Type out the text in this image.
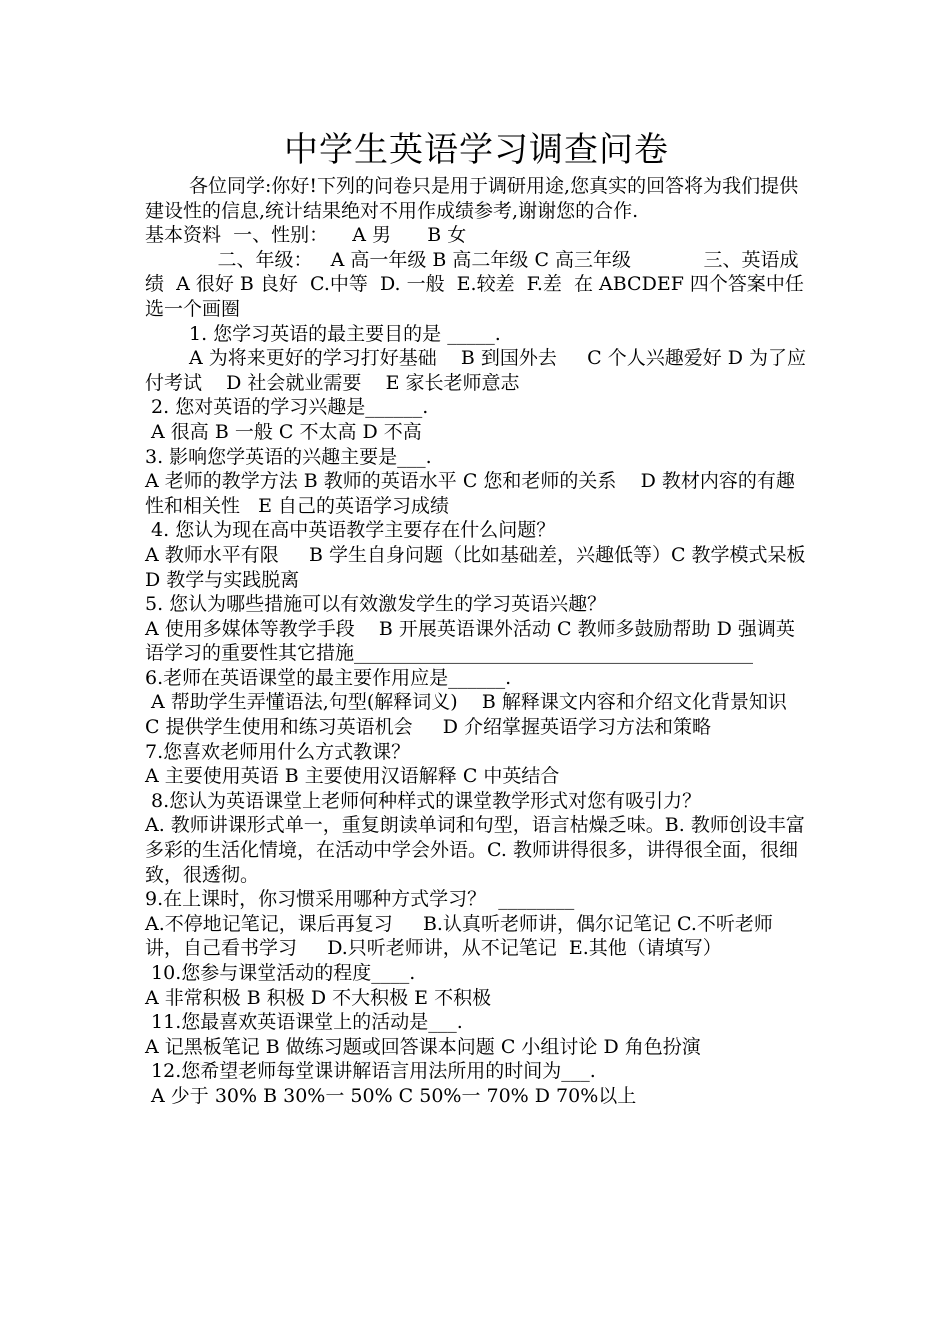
中学生英语学习调查问卷
各位同学:你好!下列的问卷只是用于调研用途,您真实的回答将为我们提供建设性的信息,统计结果绝对不用作成绩参考,谢谢您的合作.
基本资料  一、性别：    A 男      B 女
二、年级：   A 高一年级 B 高二年级 C 高三年级            三、英语成绩  A 很好 B 良好  C.中等  D. 一般  E.较差  F.差  在 ABCDEF 四个答案中任选一个画圈
1. 您学习英语的最主要目的是 _____.
A 为将来更好的学习打好基础    B 到国外去     C 个人兴趣爱好 D 为了应付考试    D 社会就业需要    E 家长老师意志
2. 您对英语的学习兴趣是______.
A 很高 B 一般 C 不太高 D 不高
3. 影响您学英语的兴趣主要是___.
A 老师的教学方法 B 教师的英语水平 C 您和老师的关系    D 教材内容的有趣性和相关性   E 自己的英语学习成绩
4. 您认为现在高中英语教学主要存在什么问题？
A 教师水平有限     B 学生自身问题（比如基础差，兴趣低等）C 教学模式呆板     D 教学与实践脱离
5. 您认为哪些措施可以有效激发学生的学习英语兴趣？
A 使用多媒体等教学手段    B 开展英语课外活动 C 教师多鼓励帮助 D 强调英语学习的重要性其它措施__________________________________________
6.老师在英语课堂的最主要作用应是______.
A 帮助学生弄懂语法,句型(解释词义)    B 解释课文内容和介绍文化背景知识    C 提供学生使用和练习英语机会     D 介绍掌握英语学习方法和策略
7.您喜欢老师用什么方式教课？
A 主要使用英语 B 主要使用汉语解释 C 中英结合
8.您认为英语课堂上老师何种样式的课堂教学形式对您有吸引力？
A. 教师讲课形式单一，重复朗读单词和句型，语言枯燥乏味。B. 教师创设丰富多彩的生活化情境，在活动中学会外语。C. 教师讲得很多，讲得很全面，很细致，很透彻。
9.在上课时，你习惯采用哪种方式学习？  ________
A.不停地记笔记，课后再复习     B.认真听老师讲，偶尔记笔记 C.不听老师讲，自己看书学习     D.只听老师讲，从不记笔记  E.其他（请填写）
10.您参与课堂活动的程度____.
A 非常积极 B 积极 D 不大积极 E 不积极
11.您最喜欢英语课堂上的活动是___.
A 记黑板笔记 B 做练习题或回答课本问题 C 小组讨论 D 角色扮演
12.您希望老师每堂课讲解语言用法所用的时间为___.
A 少于 30% B 30%一 50% C 50%一 70% D 70%以上
